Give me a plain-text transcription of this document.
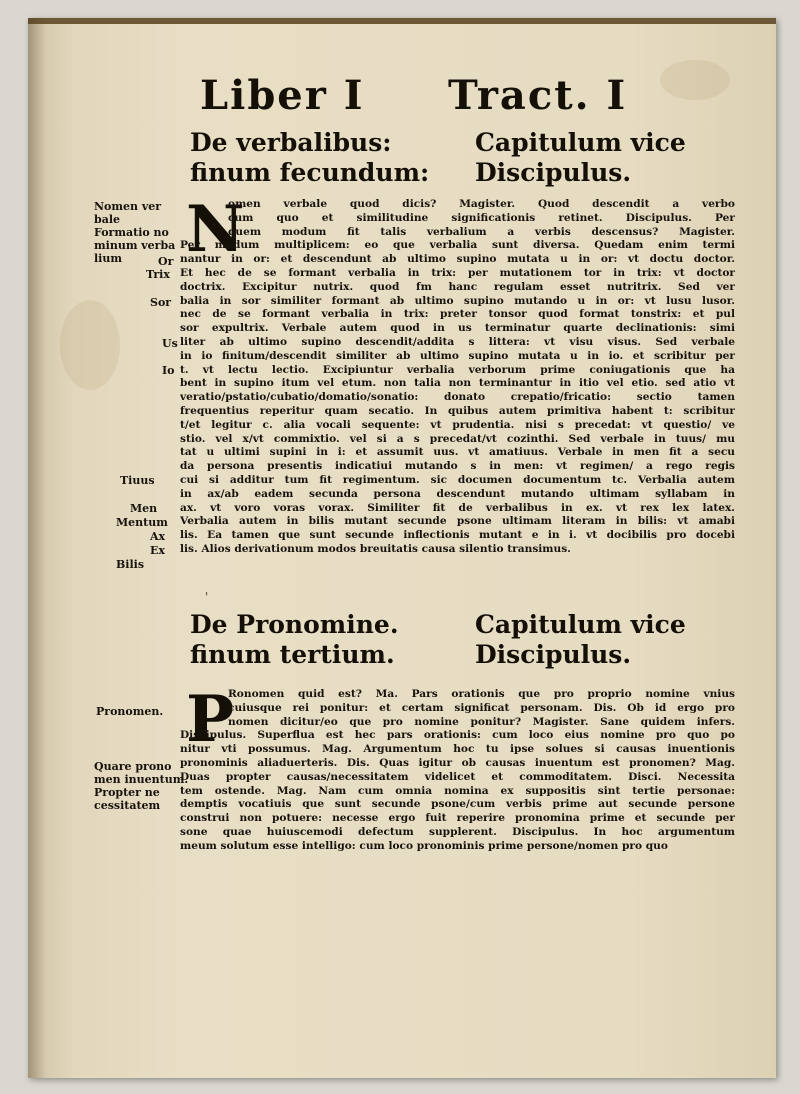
Liber I Tract. I
De verbalibus:
finum fecundum:
Capitulum vice
Discipulus.
Nomen ver
bale
Formatio no
minum verba
lium	Or
Trix
Sor
Us
Io
Tiuus
Men
Mentum
Ax
Ex
Bilis
N
omen verbale quod dicis? Magister. Quod descendit a verbo
cum quo et similitudine significationis retinet. Discipulus. Per
quem modum fit talis verbalium a verbis descensus? Magister.
Per modum multiplicem: eo que verbalia sunt diversa. Quedam enim termi
nantur in or: et descendunt ab ultimo supino mutata u in or: vt doctu doctor.
Et hec de se formant verbalia in trix: per mutationem tor in trix: vt doctor
doctrix. Excipitur nutrix. quod fm hanc regulam esset nutritrix. Sed ver
balia in sor similiter formant ab ultimo supino mutando u in or: vt lusu lusor.
nec de se formant verbalia in trix: preter tonsor quod format tonstrix: et pul
sor expultrix. Verbale autem quod in us terminatur quarte declinationis: simi
liter ab ultimo supino descendit/addita s littera: vt visu visus. Sed verbale
in io finitum/descendit similiter ab ultimo supino mutata u in io. et scribitur per
t. vt lectu lectio. Excipiuntur verbalia verborum prime coniugationis que ha
bent in supino itum vel etum. non talia non terminantur in itio vel etio. sed atio vt
veratio/pstatio/cubatio/domatio/sonatio: donato crepatio/fricatio: sectio tamen
frequentius reperitur quam secatio. In quibus autem primitiva habent t: scribitur
t/et legitur c. alia vocali sequente: vt prudentia. nisi s precedat: vt questio/ ve
stio. vel x/vt commixtio. vel si a s precedat/vt cozinthi. Sed verbale in tuus/ mu
tat u ultimi supini in i: et assumit uus. vt amatiuus. Verbale in men fit a secu
da persona presentis indicatiui mutando s in men: vt regimen/ a rego regis
cui si additur tum fit regimentum. sic documen documentum tc. Verbalia autem
in ax/ab eadem secunda persona descendunt mutando ultimam syllabam in
ax. vt voro voras vorax. Similiter fit de verbalibus in ex. vt rex lex latex.
Verbalia autem in bilis mutant secunde psone ultimam literam in bilis: vt amabi
lis. Ea tamen que sunt secunde inflectionis mutant e in i. vt docibilis pro docebi
lis. Alios derivationum modos breuitatis causa silentio transimus.
'
De Pronomine.
finum tertium.
Capitulum vice
Discipulus.
Pronomen.
Quare prono
men inuentum.
Propter ne
cessitatem
P
Ronomen quid est? Ma. Pars orationis que pro proprio nomine vnius
cuiusque rei ponitur: et certam significat personam. Dis. Ob id ergo pro
nomen dicitur/eo que pro nomine ponitur? Magister. Sane quidem infers.
Discipulus. Superflua est hec pars orationis: cum loco eius nomine pro quo po
nitur vti possumus. Mag. Argumentum hoc tu ipse solues si causas inuentionis
pronominis aliaduerteris. Dis. Quas igitur ob causas inuentum est pronomen? Mag.
Duas propter causas/necessitatem videlicet et commoditatem. Disci. Necessita
tem ostende. Mag. Nam cum omnia nomina ex suppositis sint tertie personae:
demptis vocatiuis que sunt secunde psone/cum verbis prime aut secunde persone
construi non potuere: necesse ergo fuit reperire pronomina prime et secunde per
sone quae huiuscemodi defectum supplerent. Discipulus. In hoc argumentum
meum solutum esse intelligo: cum loco pronominis prime persone/nomen pro quo
